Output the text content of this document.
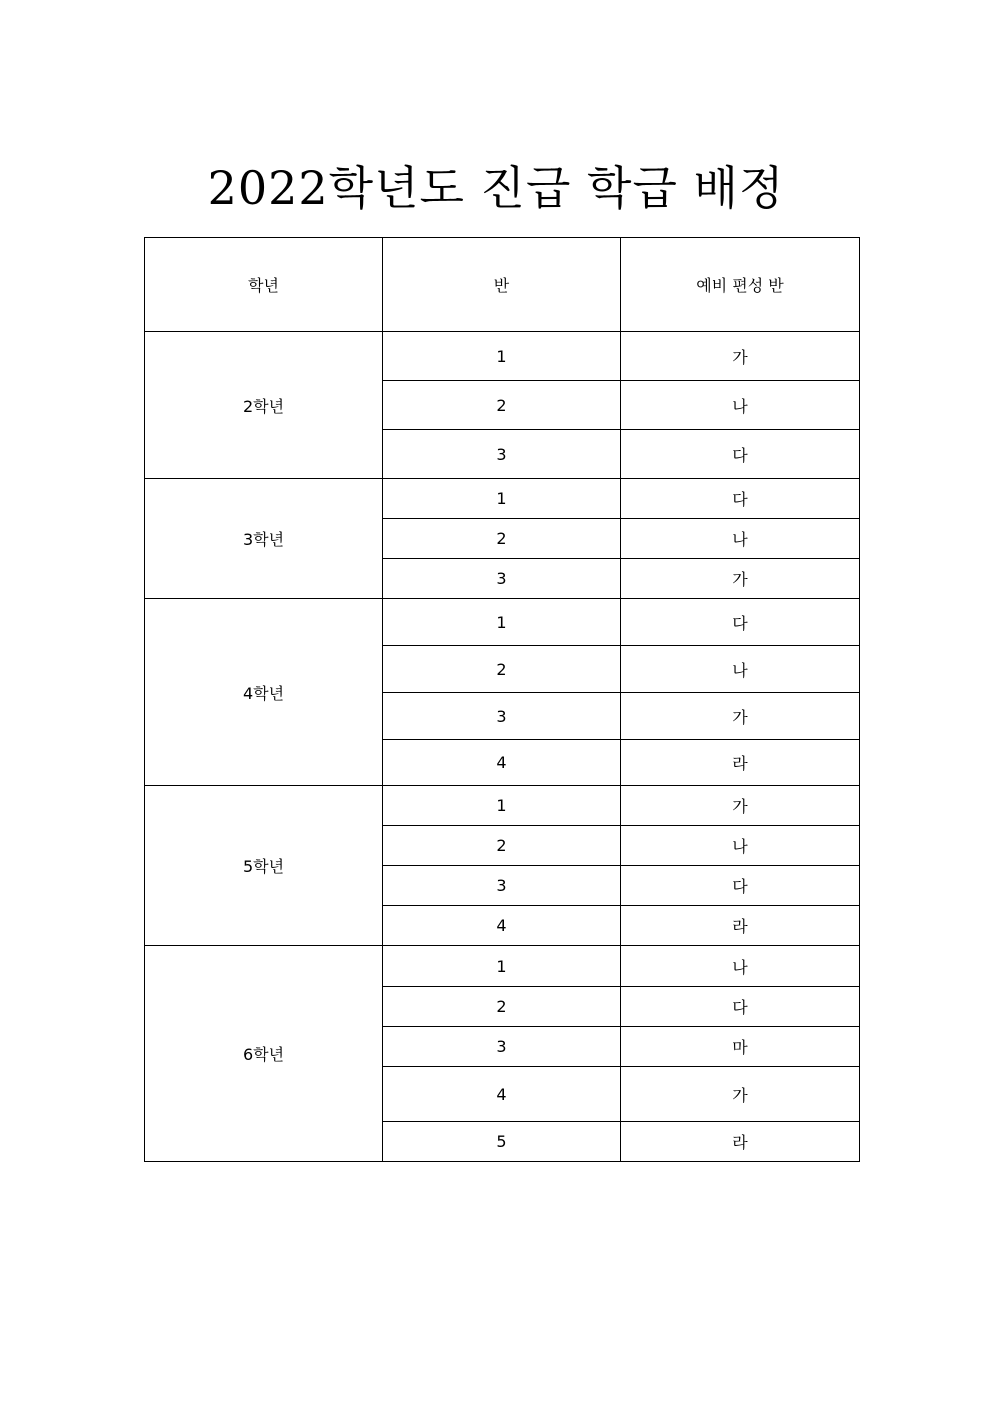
2022학년도 진급 학급 배정
학년	반	예비 편성 반
2학년	1	가
	2	나
	3	다
3학년	1	다
	2	나
	3	가
4학년	1	다
	2	나
	3	가
	4	라
5학년	1	가
	2	나
	3	다
	4	라
6학년	1	나
	2	다
	3	마
	4	가
	5	라
